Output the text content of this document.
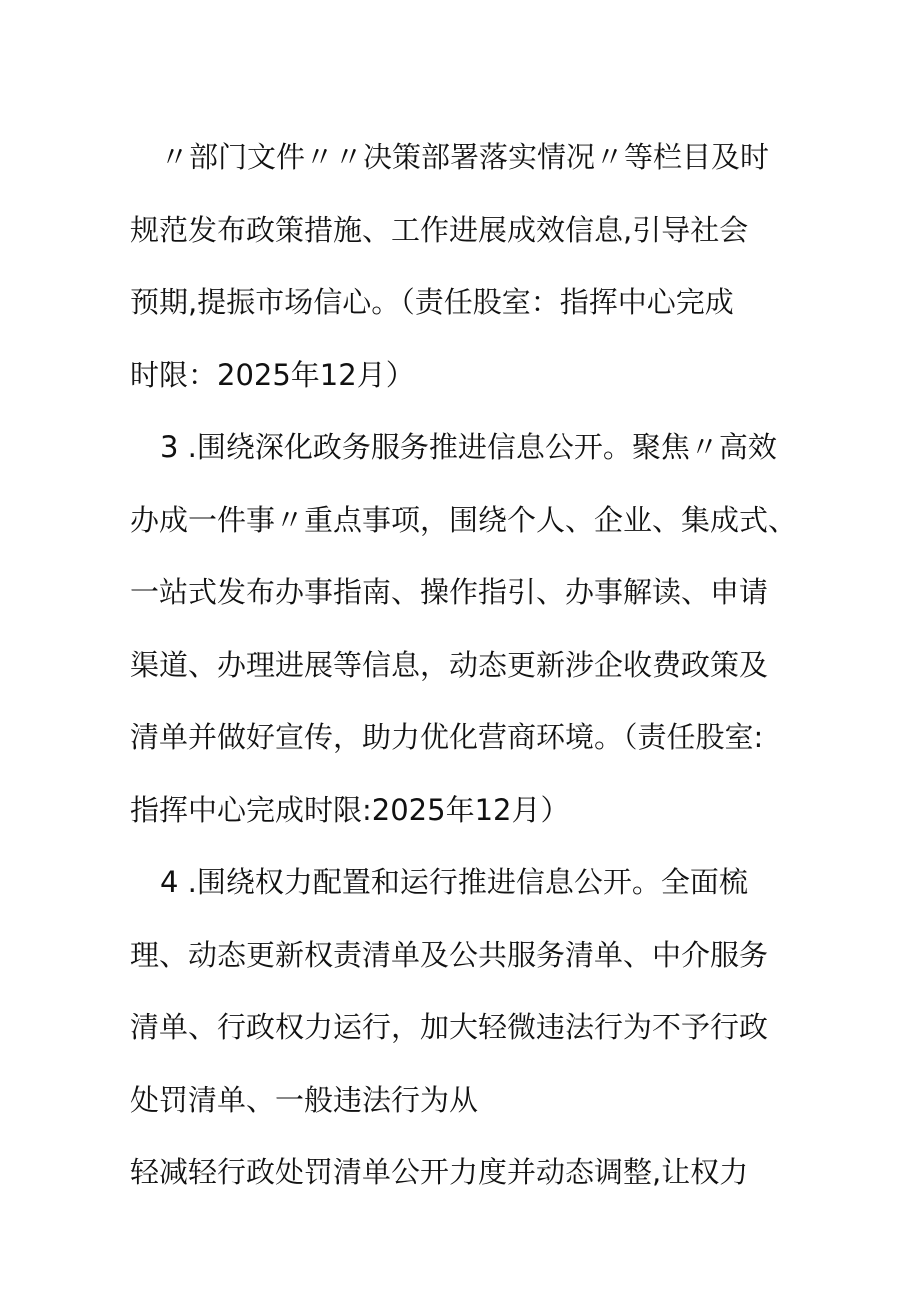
〃部门文件〃〃决策部署落实情况〃等栏目及时
规范发布政策措施、工作进展成效信息,引导社会
预期,提振市场信心。（责任股室：指挥中心完成
时限：2025年12月）
3 .围绕深化政务服务推进信息公开。聚焦〃高效
办成一件事〃重点事项，围绕个人、企业、集成式、
一站式发布办事指南、操作指引、办事解读、申请
渠道、办理进展等信息，动态更新涉企收费政策及
清单并做好宣传，助力优化营商环境。（责任股室:
指挥中心完成时限:2025年12月）
4 .围绕权力配置和运行推进信息公开。全面梳
理、动态更新权责清单及公共服务清单、中介服务
清单、行政权力运行，加大轻微违法行为不予行政
处罚清单、一般违法行为从
轻减轻行政处罚清单公开力度并动态调整,让权力
